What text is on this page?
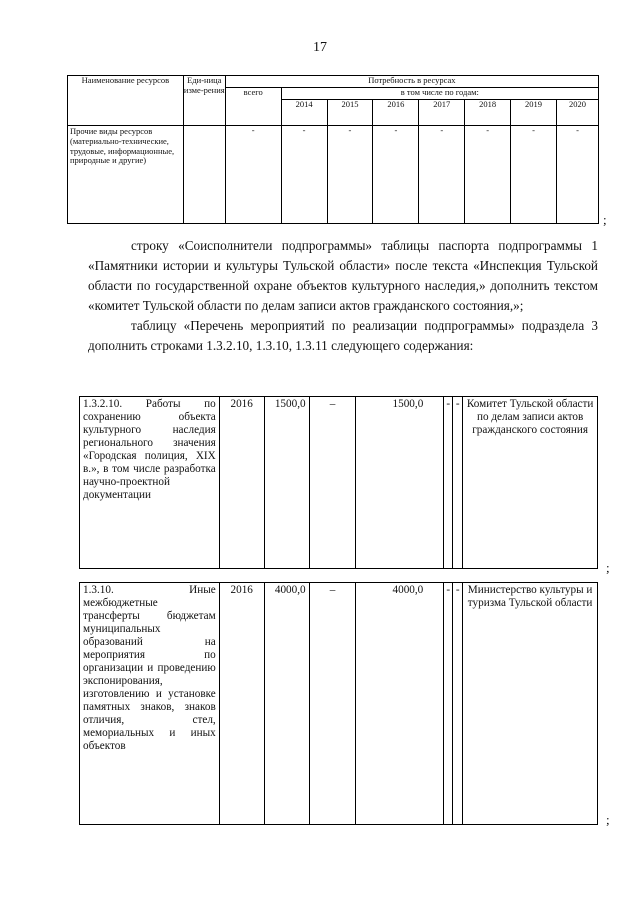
17
Наименование ресурсов	Еди-ница изме-рения	Потребность в ресурсах							
		всего	в том числе по годам:						
			2014	2015	2016	2017	2018	2019	2020
Прочие виды ресурсов (материально-технические, трудовые, информационные, природные и другие)		-	-	-	-	-	-	-	-
;

строку «Соисполнители подпрограммы» таблицы паспорта подпрограммы 1 «Памятники истории и культуры Тульской области» после текста «Инспекция Тульской области по государственной охране объектов культурного наследия,» дополнить текстом «комитет Тульской области по делам записи актов гражданского состояния,»;

таблицу «Перечень мероприятий по реализации подпрограммы» подраздела 3 дополнить строками 1.3.2.10, 1.3.10, 1.3.11 следующего содержания:

1.3.2.10. Работы по сохранению объекта культурного наследия регионального значения «Городская полиция, XIX в.», в том числе разработка научно-проектной документации	2016	1500,0	–	1500,0	-	-	Комитет Тульской области по делам записи актов гражданского состояния
;
1.3.10. Иные межбюджетные трансферты бюджетам муниципальных образований на мероприятия по организации и проведению экспонирования, изготовлению и установке памятных знаков, знаков отличия, стел, мемориальных и иных объектов	2016	4000,0	–	4000,0	-	-	Министерство культуры и туризма Тульской области
;
